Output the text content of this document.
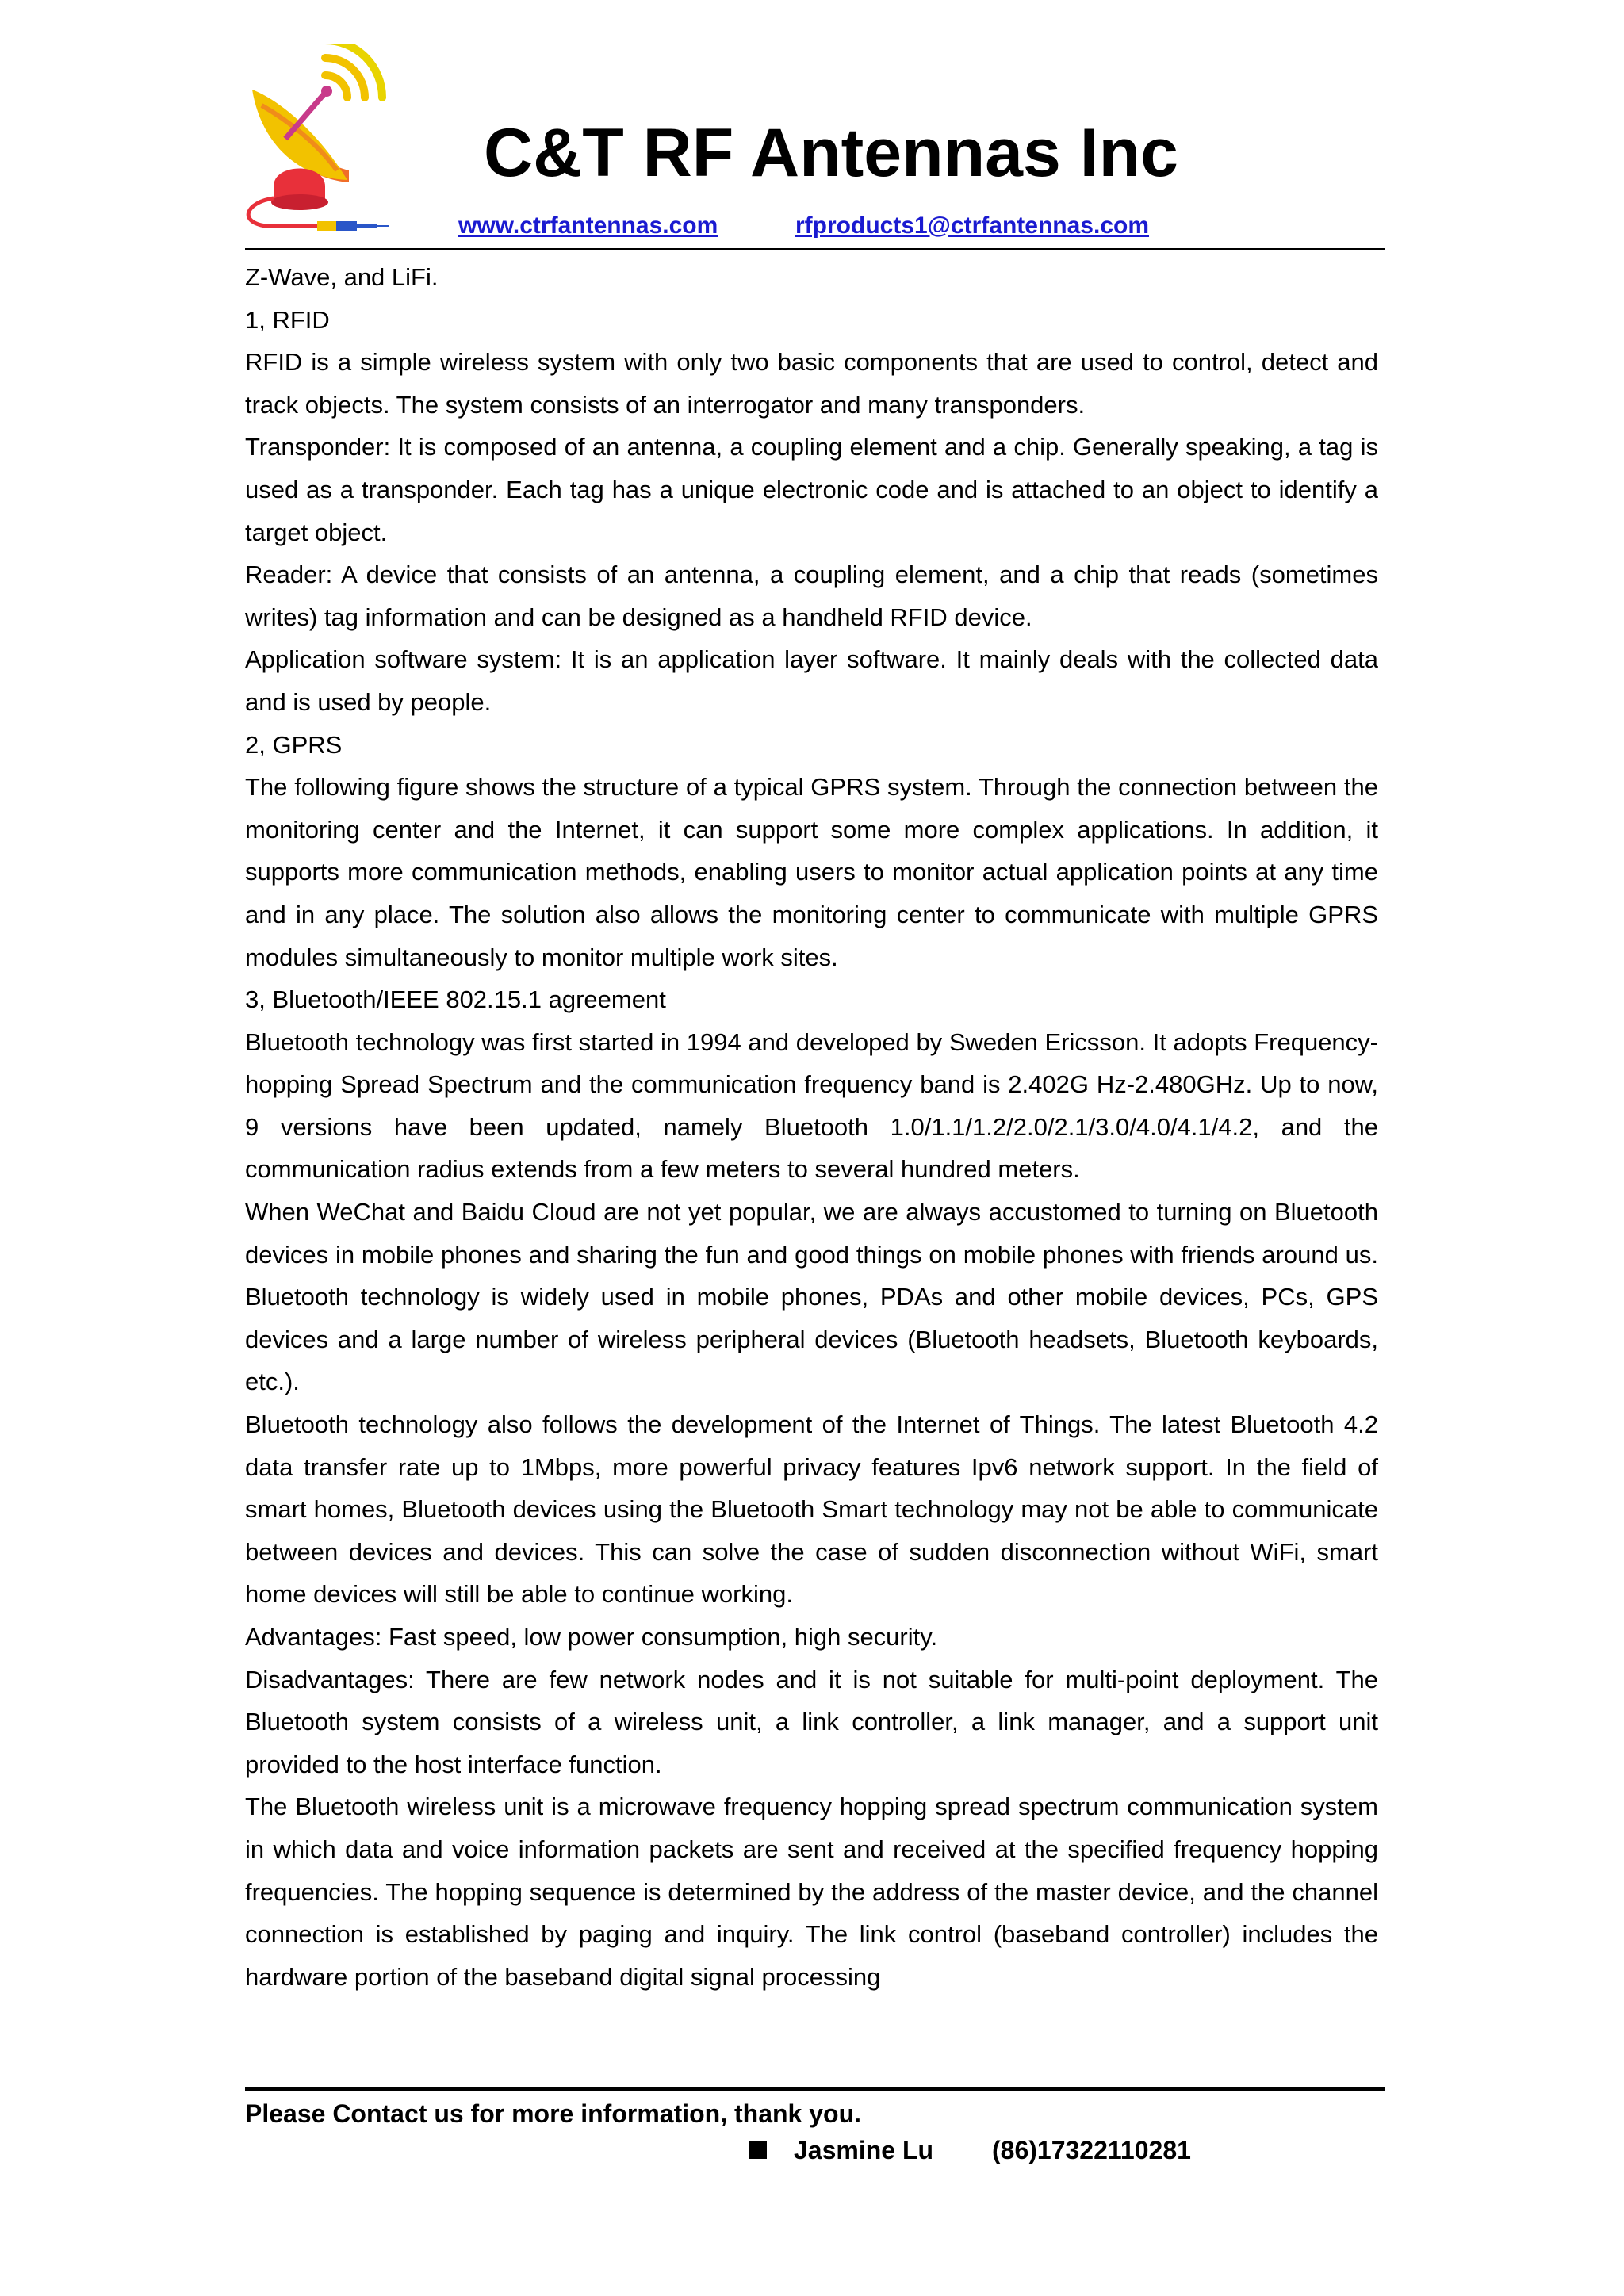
C&T RF Antennas Inc
www.ctrfantennas.com	rfproducts1@ctrfantennas.com

Z-Wave, and LiFi.

1, RFID

RFID is a simple wireless system with only two basic components that are used to control, detect and track objects. The system consists of an interrogator and many transponders.

Transponder: It is composed of an antenna, a coupling element and a chip. Generally speaking, a tag is used as a transponder. Each tag has a unique electronic code and is attached to an object to identify a target object.

Reader: A device that consists of an antenna, a coupling element, and a chip that reads (sometimes writes) tag information and can be designed as a handheld RFID device.

Application software system: It is an application layer software. It mainly deals with the collected data and is used by people.

2, GPRS

The following figure shows the structure of a typical GPRS system. Through the connection between the monitoring center and the Internet, it can support some more complex applications. In addition, it supports more communication methods, enabling users to monitor actual application points at any time and in any place. The solution also allows the monitoring center to communicate with multiple GPRS modules simultaneously to monitor multiple work sites.

3, Bluetooth/IEEE 802.15.1 agreement

Bluetooth technology was first started in 1994 and developed by Sweden Ericsson. It adopts Frequency-hopping Spread Spectrum and the communication frequency band is 2.402G Hz-2.480GHz. Up to now, 9 versions have been updated, namely Bluetooth 1.0/1.1/1.2/2.0/2.1/3.0/4.0/4.1/4.2, and the communication radius extends from a few meters to several hundred meters.

When WeChat and Baidu Cloud are not yet popular, we are always accustomed to turning on Bluetooth devices in mobile phones and sharing the fun and good things on mobile phones with friends around us. Bluetooth technology is widely used in mobile phones, PDAs and other mobile devices, PCs, GPS devices and a large number of wireless peripheral devices (Bluetooth headsets, Bluetooth keyboards, etc.).

Bluetooth technology also follows the development of the Internet of Things. The latest Bluetooth 4.2 data transfer rate up to 1Mbps, more powerful privacy features Ipv6 network support. In the field of smart homes, Bluetooth devices using the Bluetooth Smart technology may not be able to communicate between devices and devices. This can solve the case of sudden disconnection without WiFi, smart home devices will still be able to continue working.

Advantages: Fast speed, low power consumption, high security.

Disadvantages: There are few network nodes and it is not suitable for multi-point deployment. The Bluetooth system consists of a wireless unit, a link controller, a link manager, and a support unit provided to the host interface function.

The Bluetooth wireless unit is a microwave frequency hopping spread spectrum communication system in which data and voice information packets are sent and received at the specified frequency hopping frequencies. The hopping sequence is determined by the address of the master device, and the channel connection is established by paging and inquiry. The link control (baseband controller) includes the hardware portion of the baseband digital signal processing

Please Contact us for more information, thank you.
Jasmine Lu	(86)17322110281
